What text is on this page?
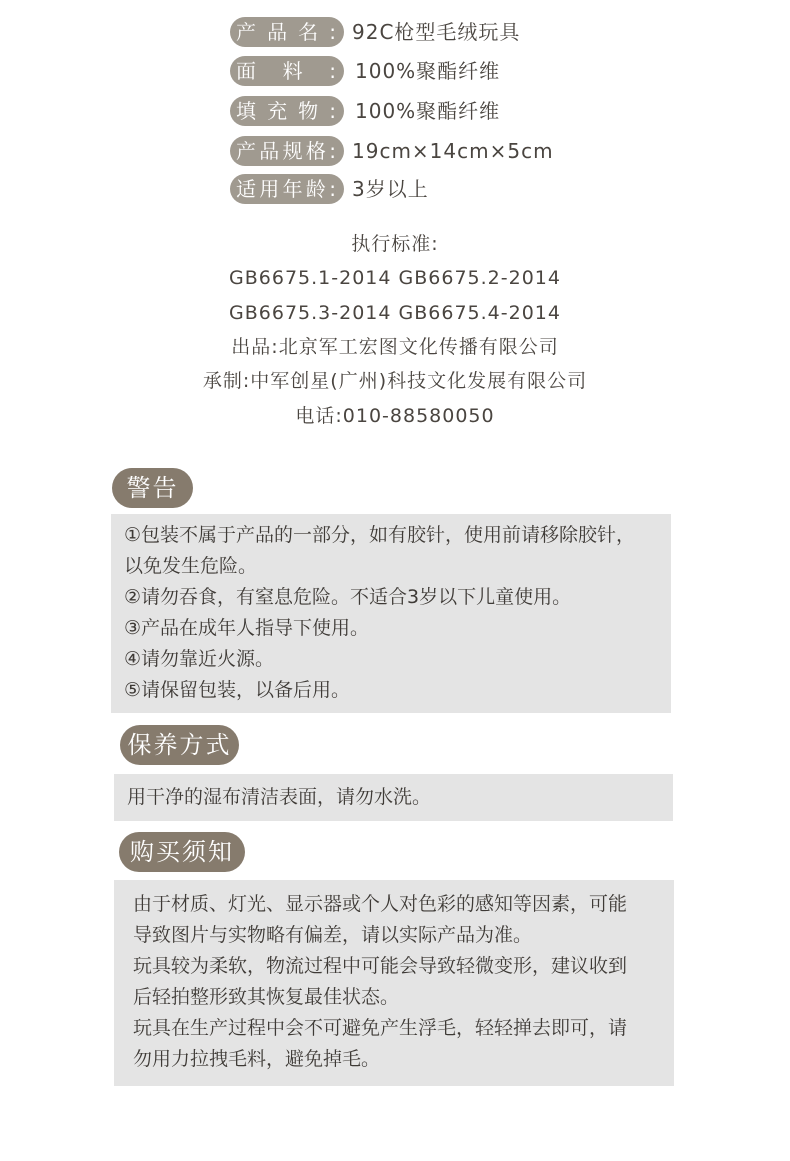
产品名: 92C枪型毛绒玩具
面料: 100%聚酯纤维
填充物: 100%聚酯纤维
产品规格: 19cm×14cm×5cm
适用年龄: 3岁以上
执行标准:
GB6675.1-2014 GB6675.2-2014
GB6675.3-2014 GB6675.4-2014
出品:北京军工宏图文化传播有限公司
承制:中军创星(广州)科技文化发展有限公司
电话:010-88580050
警告
①包装不属于产品的一部分，如有胶针，使用前请移除胶针，
以免发生危险。
②请勿吞食，有窒息危险。不适合3岁以下儿童使用。
③产品在成年人指导下使用。
④请勿靠近火源。
⑤请保留包装，以备后用。
保养方式
用干净的湿布清洁表面，请勿水洗。
购买须知
由于材质、灯光、显示器或个人对色彩的感知等因素，可能
导致图片与实物略有偏差，请以实际产品为准。
玩具较为柔软，物流过程中可能会导致轻微变形，建议收到
后轻拍整形致其恢复最佳状态。
玩具在生产过程中会不可避免产生浮毛，轻轻掸去即可，请
勿用力拉拽毛料，避免掉毛。
